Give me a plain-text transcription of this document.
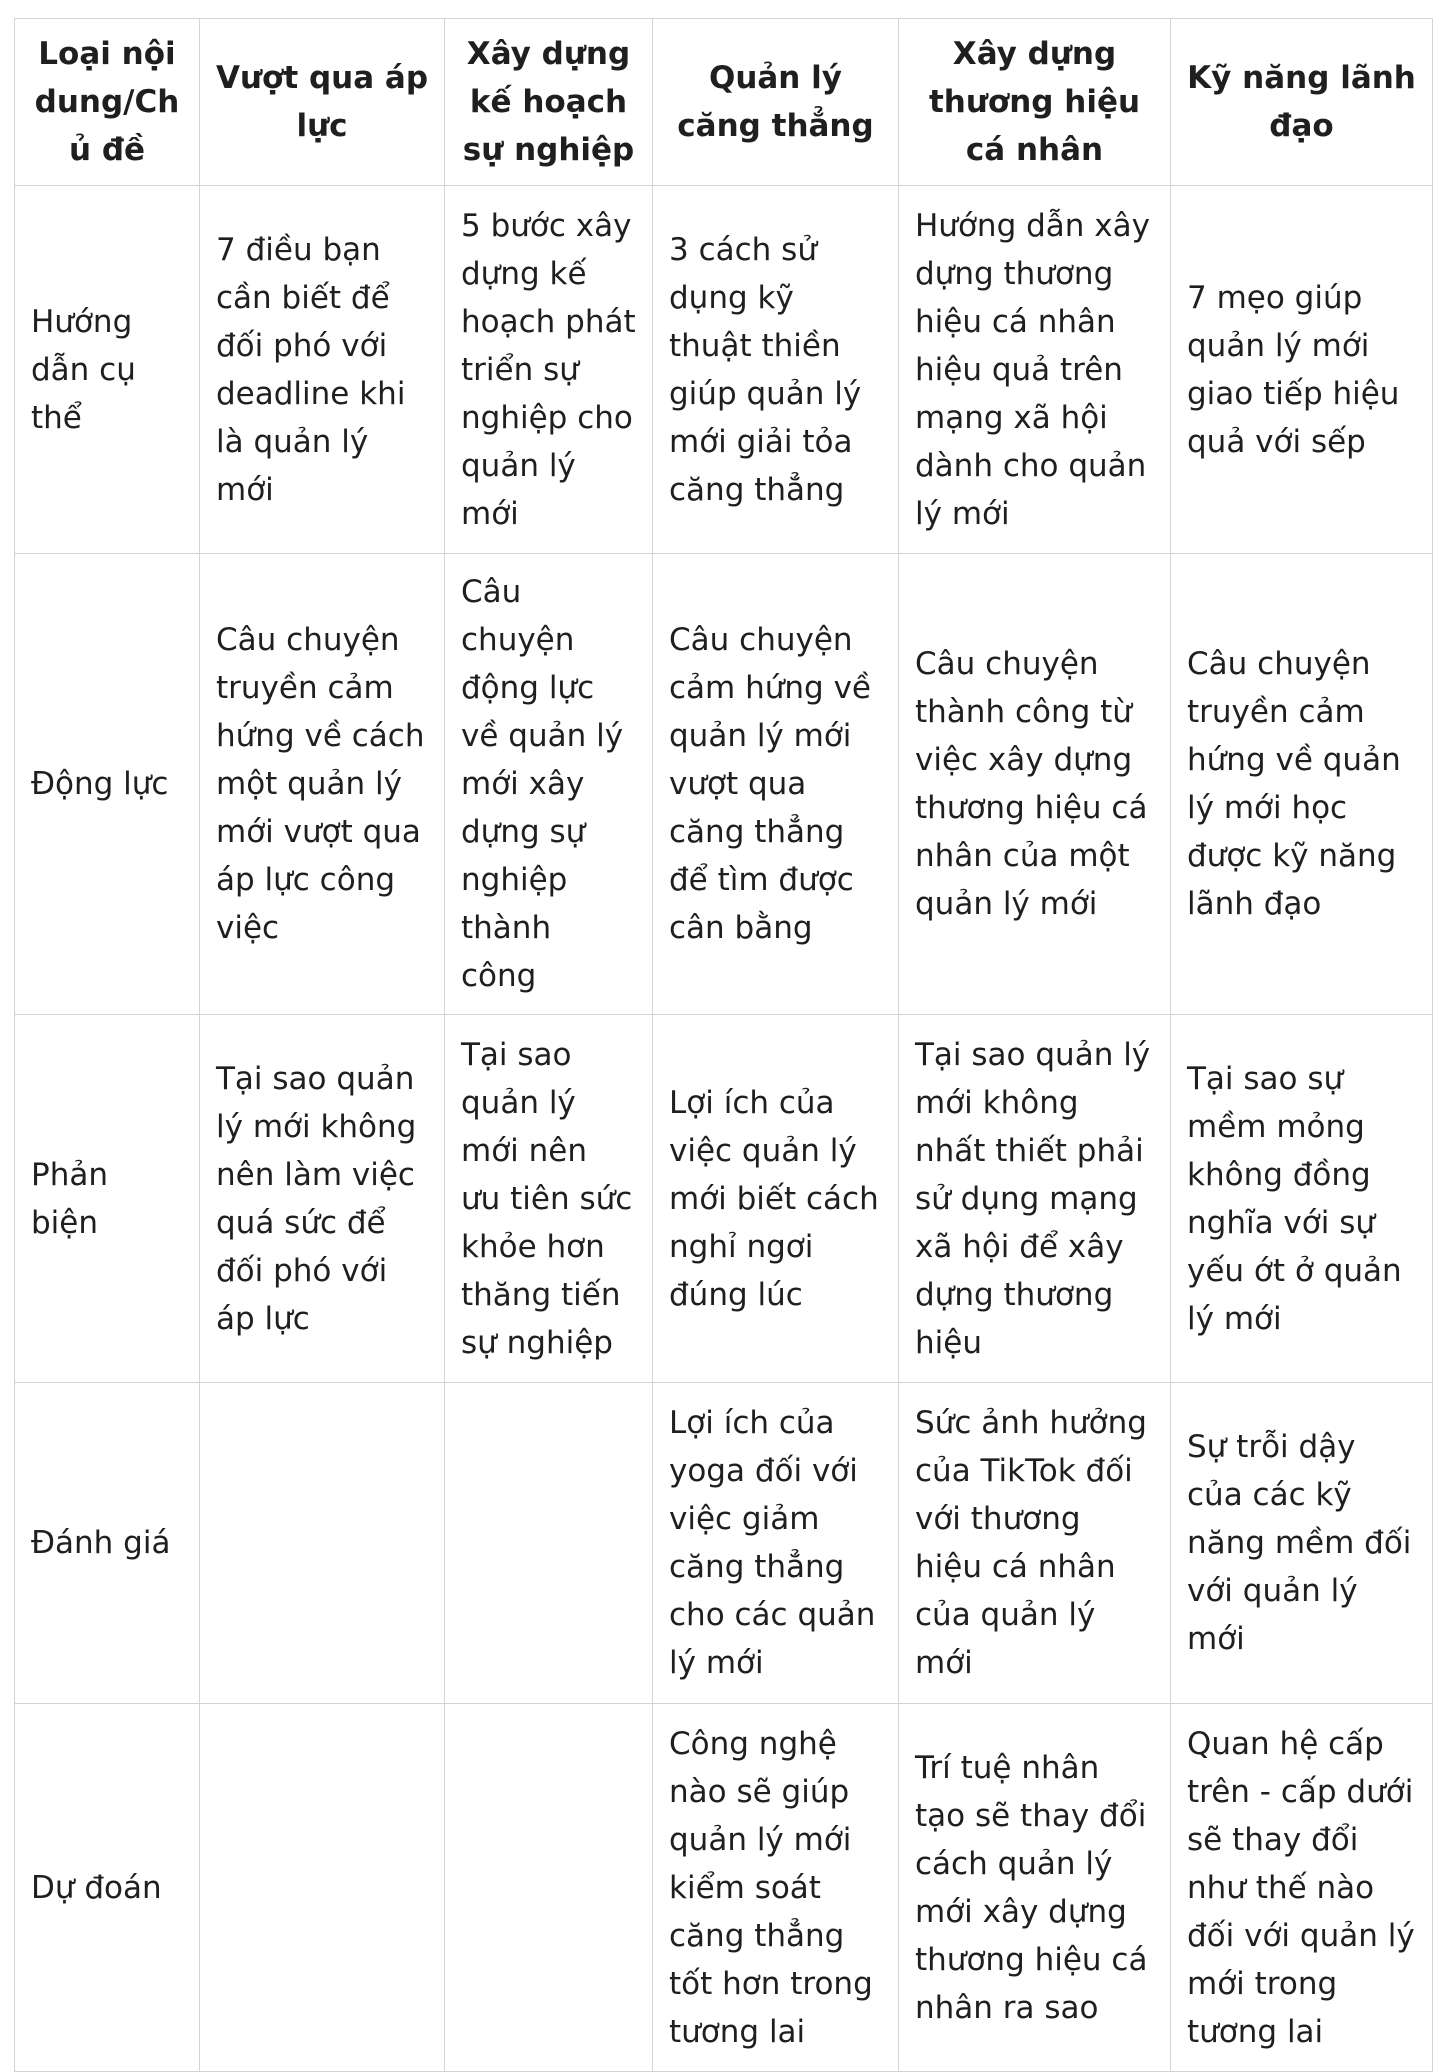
Loại nội dung/Chủ đề	Vượt qua áp lực	Xây dựng kế hoạch sự nghiệp	Quản lý căng thẳng	Xây dựng thương hiệu cá nhân	Kỹ năng lãnh đạo
Hướng dẫn cụ thể	7 điều bạn cần biết để đối phó với deadline khi là quản lý mới	5 bước xây dựng kế hoạch phát triển sự nghiệp cho quản lý mới	3 cách sử dụng kỹ thuật thiền giúp quản lý mới giải tỏa căng thẳng	Hướng dẫn xây dựng thương hiệu cá nhân hiệu quả trên mạng xã hội dành cho quản lý mới	7 mẹo giúp quản lý mới giao tiếp hiệu quả với sếp
Động lực	Câu chuyện truyền cảm hứng về cách một quản lý mới vượt qua áp lực công việc	Câu chuyện động lực về quản lý mới xây dựng sự nghiệp thành công	Câu chuyện cảm hứng về quản lý mới vượt qua căng thẳng để tìm được cân bằng	Câu chuyện thành công từ việc xây dựng thương hiệu cá nhân của một quản lý mới	Câu chuyện truyền cảm hứng về quản lý mới học được kỹ năng lãnh đạo
Phản biện	Tại sao quản lý mới không nên làm việc quá sức để đối phó với áp lực	Tại sao quản lý mới nên ưu tiên sức khỏe hơn thăng tiến sự nghiệp	Lợi ích của việc quản lý mới biết cách nghỉ ngơi đúng lúc	Tại sao quản lý mới không nhất thiết phải sử dụng mạng xã hội để xây dựng thương hiệu	Tại sao sự mềm mỏng không đồng nghĩa với sự yếu ớt ở quản lý mới
Đánh giá			Lợi ích của yoga đối với việc giảm căng thẳng cho các quản lý mới	Sức ảnh hưởng của TikTok đối với thương hiệu cá nhân của quản lý mới	Sự trỗi dậy của các kỹ năng mềm đối với quản lý mới
Dự đoán			Công nghệ nào sẽ giúp quản lý mới kiểm soát căng thẳng tốt hơn trong tương lai	Trí tuệ nhân tạo sẽ thay đổi cách quản lý mới xây dựng thương hiệu cá nhân ra sao	Quan hệ cấp trên - cấp dưới sẽ thay đổi như thế nào đối với quản lý mới trong tương lai
